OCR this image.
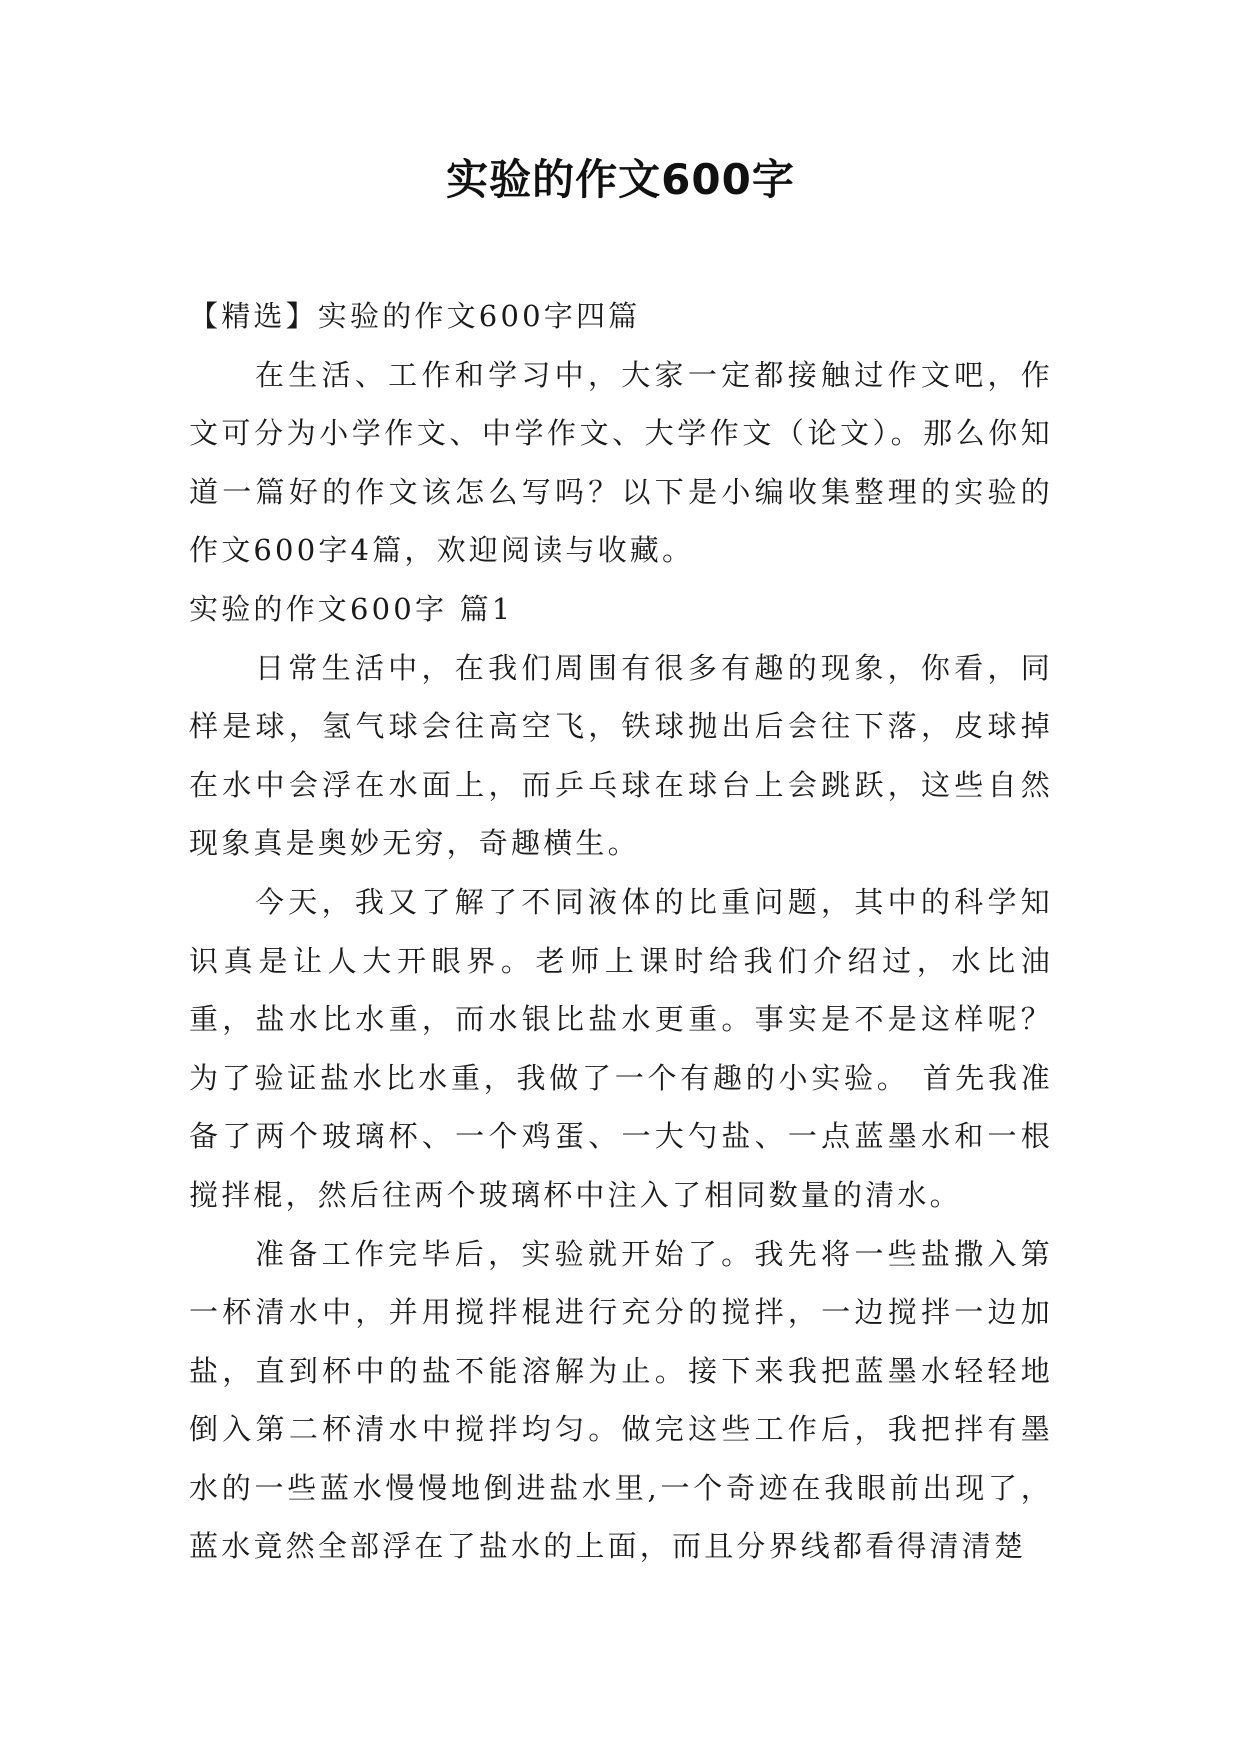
实验的作文600字

【精选】实验的作文600字四篇

在生活、工作和学习中，大家一定都接触过作文吧，作文可分为小学作文、中学作文、大学作文（论文）。那么你知道一篇好的作文该怎么写吗？以下是小编收集整理的实验的作文600字4篇，欢迎阅读与收藏。

实验的作文600字 篇1

日常生活中，在我们周围有很多有趣的现象，你看，同样是球，氢气球会往高空飞，铁球抛出后会往下落，皮球掉在水中会浮在水面上，而乒乓球在球台上会跳跃，这些自然现象真是奥妙无穷，奇趣横生。

今天，我又了解了不同液体的比重问题，其中的科学知识真是让人大开眼界。老师上课时给我们介绍过，水比油重，盐水比水重，而水银比盐水更重。事实是不是这样呢？为了验证盐水比水重，我做了一个有趣的小实验。 首先我准备了两个玻璃杯、一个鸡蛋、一大勺盐、一点蓝墨水和一根搅拌棍，然后往两个玻璃杯中注入了相同数量的清水。

准备工作完毕后，实验就开始了。我先将一些盐撒入第一杯清水中，并用搅拌棍进行充分的搅拌，一边搅拌一边加盐，直到杯中的盐不能溶解为止。接下来我把蓝墨水轻轻地倒入第二杯清水中搅拌均匀。做完这些工作后，我把拌有墨水的一些蓝水慢慢地倒进盐水里,一个奇迹在我眼前出现了，蓝水竟然全部浮在了盐水的上面，而且分界线都看得清清楚
